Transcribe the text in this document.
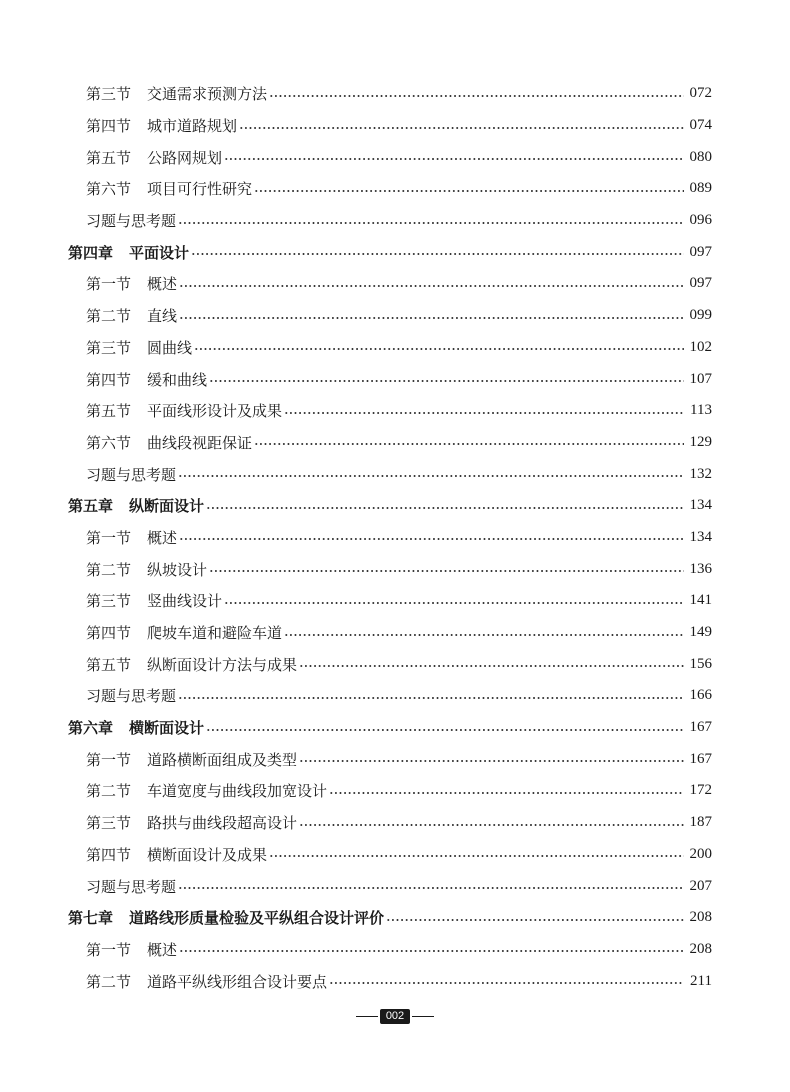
第三节 交通需求预测方法	072
第四节 城市道路规划	074
第五节 公路网规划	080
第六节 项目可行性研究	089
习题与思考题	096
第四章 平面设计	097
第一节 概述	097
第二节 直线	099
第三节 圆曲线	102
第四节 缓和曲线	107
第五节 平面线形设计及成果	113
第六节 曲线段视距保证	129
习题与思考题	132
第五章 纵断面设计	134
第一节 概述	134
第二节 纵坡设计	136
第三节 竖曲线设计	141
第四节 爬坡车道和避险车道	149
第五节 纵断面设计方法与成果	156
习题与思考题	166
第六章 横断面设计	167
第一节 道路横断面组成及类型	167
第二节 车道宽度与曲线段加宽设计	172
第三节 路拱与曲线段超高设计	187
第四节 横断面设计及成果	200
习题与思考题	207
第七章 道路线形质量检验及平纵组合设计评价	208
第一节 概述	208
第二节 道路平纵线形组合设计要点	211
002
